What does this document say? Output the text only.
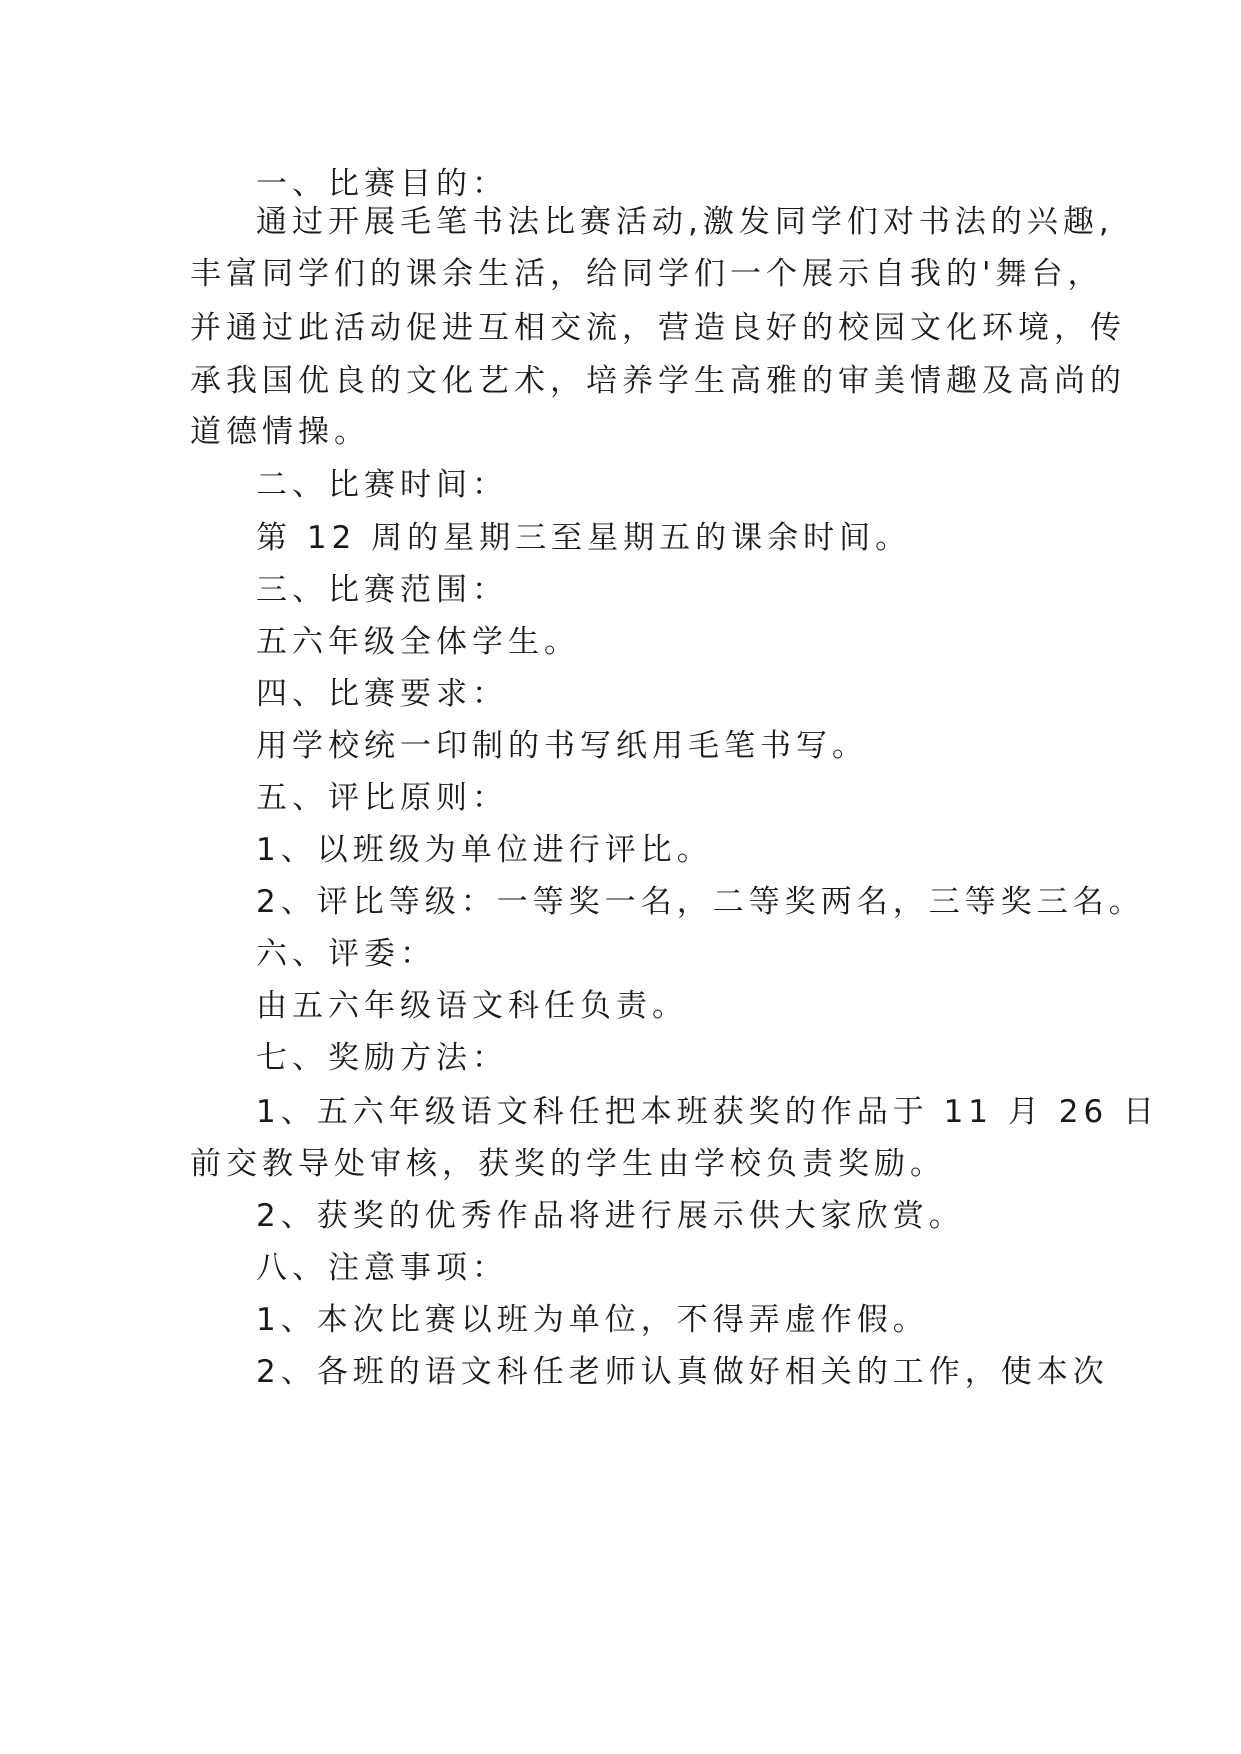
一、比赛目的：

通过开展毛笔书法比赛活动,激发同学们对书法的兴趣,

丰富同学们的课余生活，给同学们一个展示自我的'舞台，

并通过此活动促进互相交流，营造良好的校园文化环境，传

承我国优良的文化艺术，培养学生高雅的审美情趣及高尚的

道德情操。

二、比赛时间：

第 12 周的星期三至星期五的课余时间。

三、比赛范围：

五六年级全体学生。

四、比赛要求：

用学校统一印制的书写纸用毛笔书写。

五、评比原则：

1、以班级为单位进行评比。

2、评比等级：一等奖一名，二等奖两名，三等奖三名。

六、评委：

由五六年级语文科任负责。

七、奖励方法：

1、五六年级语文科任把本班获奖的作品于 11 月 26 日

前交教导处审核，获奖的学生由学校负责奖励。

2、获奖的优秀作品将进行展示供大家欣赏。

八、注意事项：

1、本次比赛以班为单位，不得弄虚作假。

2、各班的语文科任老师认真做好相关的工作，使本次
